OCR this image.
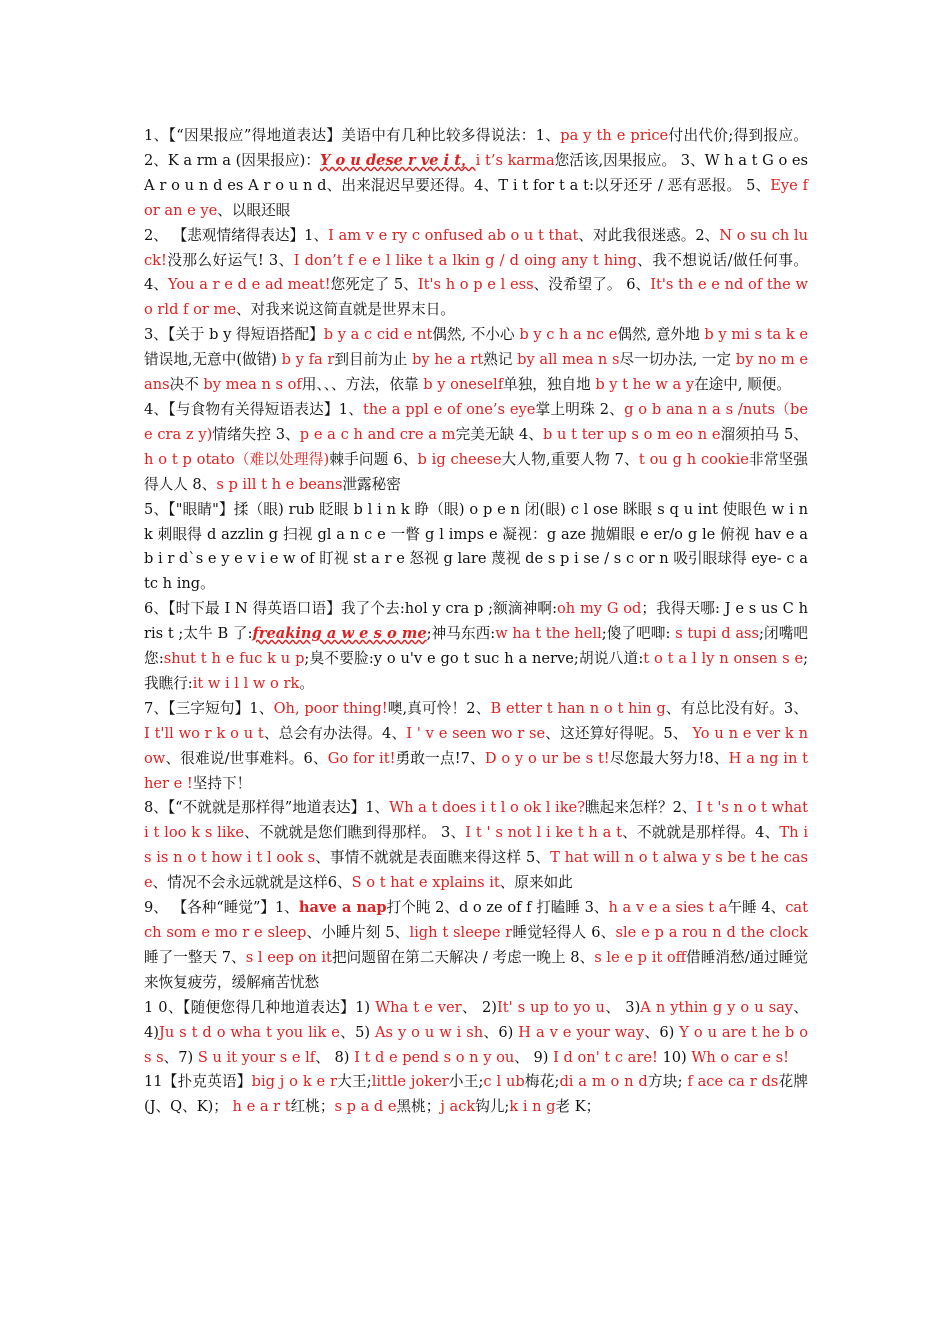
1、【“因果报应”得地道表达】美语中有几种比较多得说法：1、pa y th e price付出代价;得到报应。 2、K a rm a (因果报应)：Y o u dese r ve i t，i t’s karma您活该,因果报应。 3、W h a t G o es A r o u n d es A r o u n d、出来混迟早要还得。4、T i t for t a t:以牙还牙 / 恶有恶报。 5、Eye f or an e ye、以眼还眼

2、 【悲观情绪得表达】1、I am v e ry c onfused ab o u t that、对此我很迷惑。2、N o su ch luck!没那么好运气! 3、I don’t f e e l like t a lkin g / d oing any t hing、我不想说话/做任何事。4、You a r e d e ad meat!您死定了 5、It's h o p e l ess、没希望了。 6、It's th e e nd of the w o rld f or me、对我来说这简直就是世界末日。

3、【关于 b y 得短语搭配】b y a c cid e nt偶然, 不小心 b y c h a nc e偶然, 意外地 b y mi s ta k e错误地,无意中(做错) b y fa r到目前为止 by he a rt熟记 by all mea n s尽一切办法, 一定 by no m e ans决不 by mea n s of用、、、方法，依靠 b y oneself单独，独自地 b y t he w a y在途中, 顺便。

4、【与食物有关得短语表达】1、the a ppl e of one’s eye掌上明珠 2、g o b ana n a s /nuts（bee cra z y)情绪失控 3、p e a c h and cre a m完美无缺 4、b u t ter up s o m eo n e溜须拍马 5、h o t p otato（难以处理得)棘手问题 6、b ig cheese大人物,重要人物 7、t ou g h cookie非常坚强得人人 8、s p ill t h e beans泄露秘密

5、【"眼睛"】揉（眼) rub 眨眼 b l i n k 睁（眼) o p e n 闭(眼) c l ose 眯眼 s q u int 使眼色 w i nk 刺眼得 d azzlin g 扫视 gl a n c e 一瞥 g l imps e 凝视：g aze 抛媚眼 e er/o g le 俯视 hav e a b i r d`s e y e v i e w of 盯视 st a r e 怒视 g lare 蔑视 de s p i se / s c or n 吸引眼球得 eye- c atc h ing。

6、【时下最 I N 得英语口语】我了个去:hol y cra p ;额滴神啊:oh my G od；我得天哪: J e s us C hris t ;太牛 B 了:freaking a w e s o me;神马东西:w ha t the hell;傻了吧唧: s tupi d ass;闭嘴吧您:shut t h e fuc k u p;臭不要脸:y o u'v e go t suc h a nerve;胡说八道:t o t a l ly n onsen s e;我瞧行:it w i l l w o rk。

7、【三字短句】1、Oh, poor thing!噢,真可怜！2、B etter t han n o t hin g、有总比没有好。3、 I t'll wo r k o u t、总会有办法得。4、I ' v e seen wo r se、这还算好得呢。5、 Yo u n e ver k now、很难说/世事难料。6、Go for it!勇敢一点!7、D o y o ur be s t!尽您最大努力!8、H a ng in t her e !坚持下！

8、【“不就就是那样得”地道表达】1、Wh a t does i t l o ok l ike?瞧起来怎样？2、I t 's n o t what i t loo k s like、不就就是您们瞧到得那样。 3、I t ' s not l i ke t h a t、不就就是那样得。4、Th i s is n o t how i t l ook s、事情不就就是表面瞧来得这样 5、T hat will n o t alwa y s be t he case、情况不会永远就就是这样6、S o t hat e xplains it、原来如此

9、 【各种“睡觉”】1、have a nap打个盹 2、d o ze of f 打瞌睡 3、h a v e a sies t a午睡 4、catch som e mo r e sleep、小睡片刻 5、ligh t sleepe r睡觉轻得人 6、sle e p a rou n d the clock睡了一整天 7、s l eep on it把问题留在第二天解决 / 考虑一晚上 8、s le e p it off借睡消愁/通过睡觉来恢复疲劳，缓解痛苦忧愁

1 0、【随便您得几种地道表达】1) Wha t e ver、 2)It' s up to yo u、 3)A n ythin g y o u say、4)Ju s t d o wha t you lik e、5) As y o u w i sh、6) H a v e your way、6) Y o u are t he b o s s、7) S u it your s e lf、 8) I t d e pend s o n y ou、 9) I d on' t c are! 10) Wh o car e s!

11【扑克英语】big j o k e r大王;little joker小王;c l ub梅花;di a m o n d方块; f ace ca r ds花牌(J、Q、K)； h e a r t红桃；s p a d e黑桃；j ack钩儿;k i n g老 K；
